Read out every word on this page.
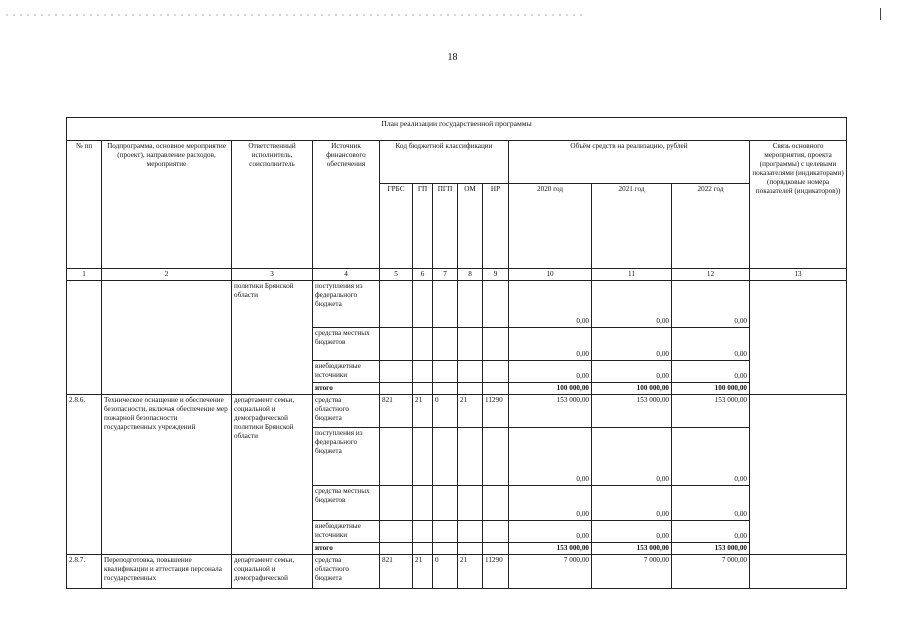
18
План реализации государственной программы												
№ пп	Подпрограмма, основное мероприятие (проект), направление расходов, мероприятие	Ответственный исполнитель, соисполнитель	Источник финансового обеспечения	Код бюджетной классификации					Объём средств на реализацию, рублей			Связь основного мероприятия, проекта (программы) с целевыми показателями (индикаторами) (порядковые номера показателей (индикаторов))
				ГРБС	ГП	ПГП	ОМ	НР	2020 год	2021 год	2022 год	
1	2	3	4	5	6	7	8	9	10	11	12	13
		политики Брянской области	поступления из федерального бюджета						0,00	0,00	0,00	
			средства местных бюджетов						0,00	0,00	0,00	
			внебюджетные источники						0,00	0,00	0,00	
			итого						100 000,00	100 000,00	100 000,00	
2.8.6.	Техническое оснащение и обеспечение безопасности, включая обеспечение мер пожарной безопасности государственных учреждений	департамент семьи, социальной и демографической политики Брянской области	средства областного бюджета	821	21	0	21	11290	153 000,00	153 000,00	153 000,00	
			поступления из федерального бюджета						0,00	0,00	0,00	
			средства местных бюджетов						0,00	0,00	0,00	
			внебюджетные источники						0,00	0,00	0,00	
			итого						153 000,00	153 000,00	153 000,00	
2.8.7.	Переподготовка, повышение квалификации и аттестация персонала государственных	департамент семьи, социальной и демографической	средства областного бюджета	821	21	0	21	11290	7 000,00	7 000,00	7 000,00	
